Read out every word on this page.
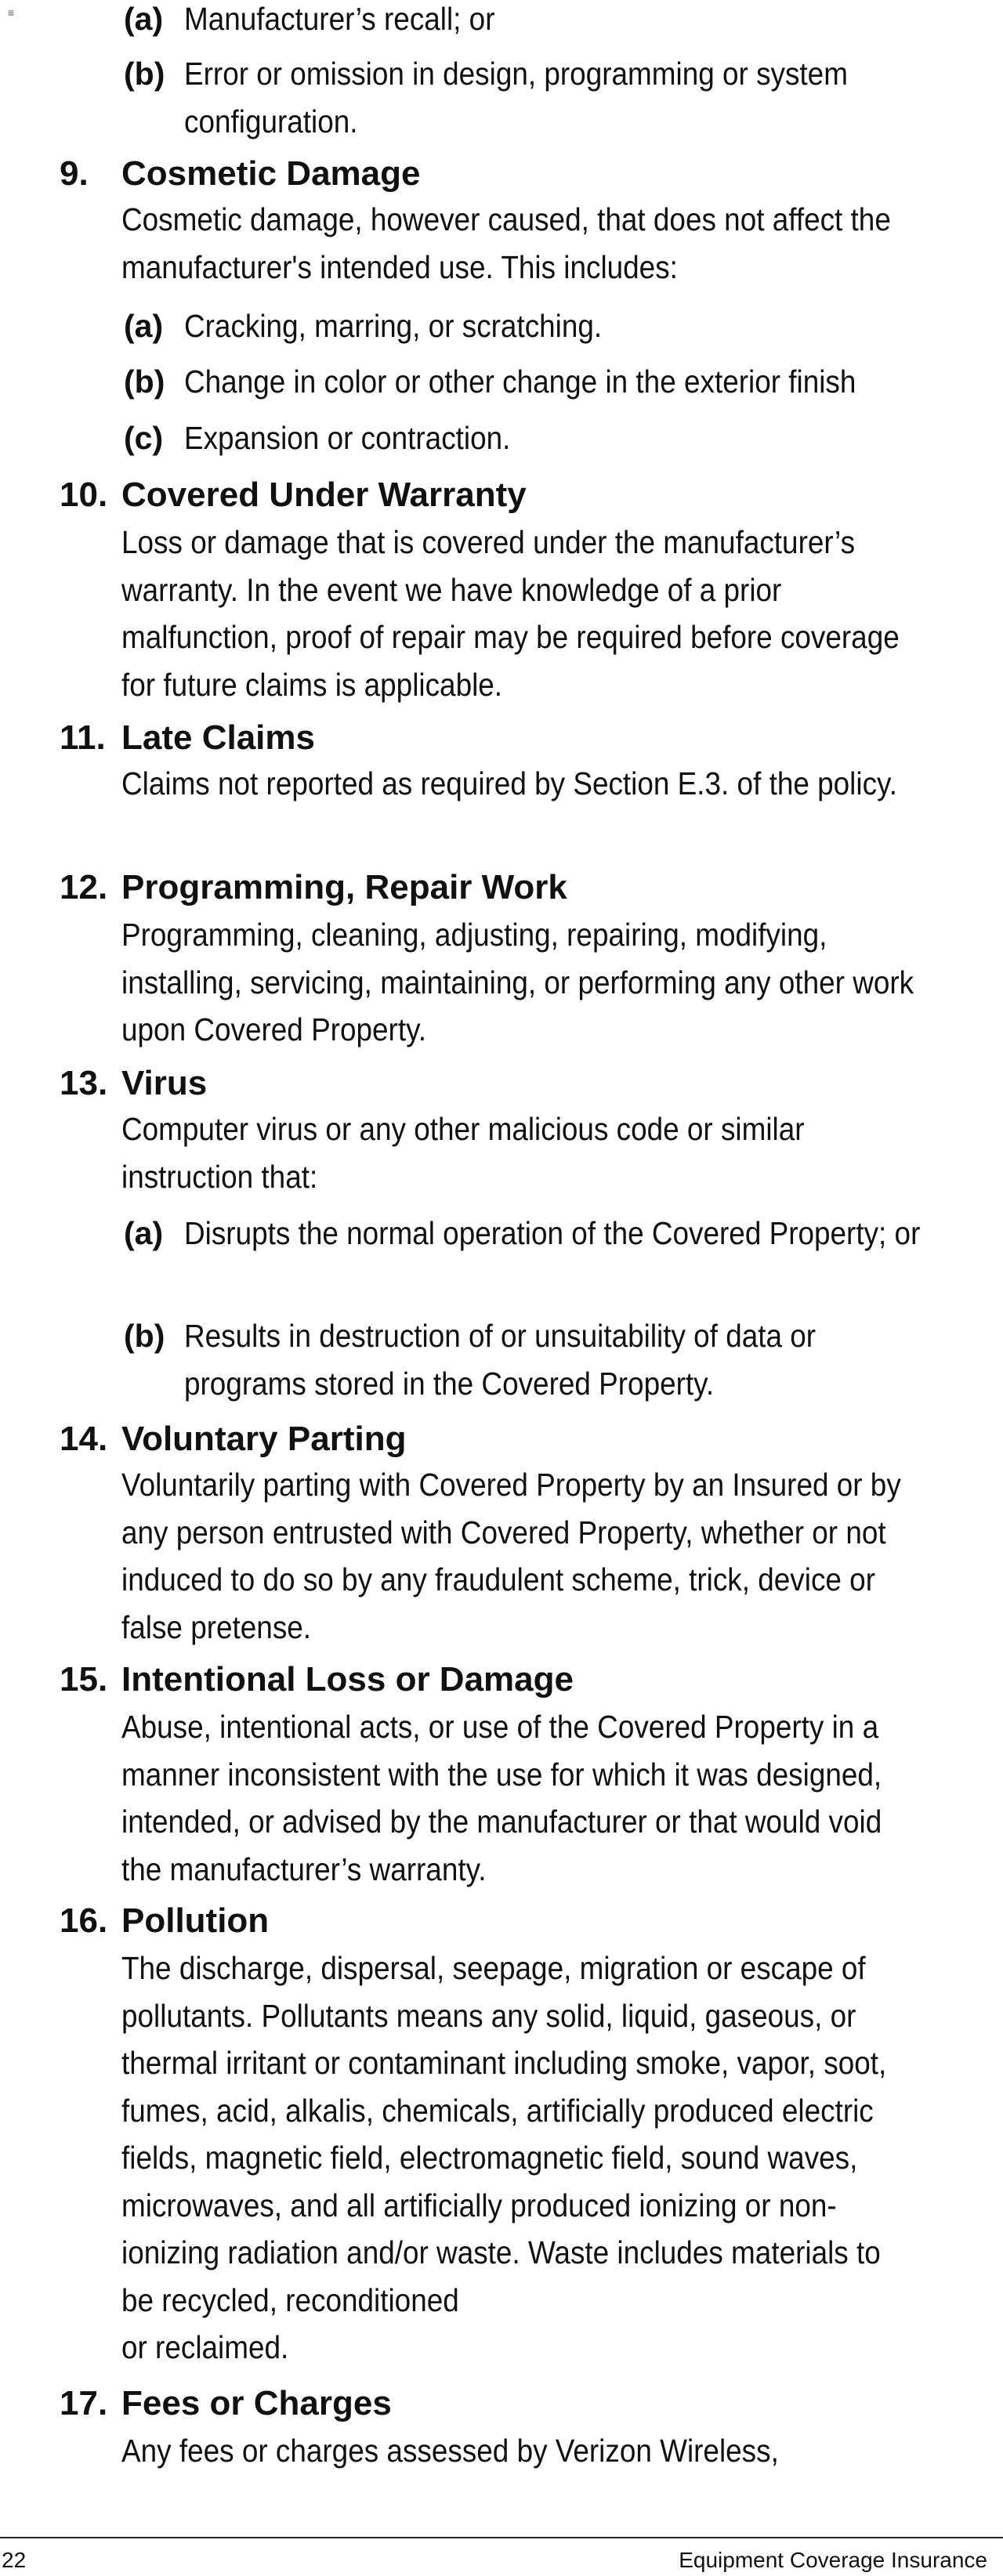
≡	(a) Manufacturer’s recall; or
(b) Error or omission in design, programming or system configuration.
9. Cosmetic Damage
Cosmetic damage, however caused, that does not affect the manufacturer's intended use. This includes:
(a) Cracking, marring, or scratching.
(b) Change in color or other change in the exterior finish
(c) Expansion or contraction.
10. Covered Under Warranty
Loss or damage that is covered under the manufacturer’s warranty. In the event we have knowledge of a prior malfunction, proof of repair may be required before coverage for future claims is applicable.
11. Late Claims
Claims not reported as required by Section E.3. of the policy.
12. Programming, Repair Work
Programming, cleaning, adjusting, repairing, modifying, installing, servicing, maintaining, or performing any other work upon Covered Property.
13. Virus
Computer virus or any other malicious code or similar instruction that:
(a) Disrupts the normal operation of the Covered Property; or
(b) Results in destruction of or unsuitability of data or programs stored in the Covered Property.
14. Voluntary Parting
Voluntarily parting with Covered Property by an Insured or by any person entrusted with Covered Property, whether or not induced to do so by any fraudulent scheme, trick, device or false pretense.
15. Intentional Loss or Damage
Abuse, intentional acts, or use of the Covered Property in a manner inconsistent with the use for which it was designed, intended, or advised by the manufacturer or that would void the manufacturer’s warranty.
16. Pollution
The discharge, dispersal, seepage, migration or escape of pollutants. Pollutants means any solid, liquid, gaseous, or thermal irritant or contaminant including smoke, vapor, soot, fumes, acid, alkalis, chemicals, artificially produced electric fields, magnetic field, electromagnetic field, sound waves, microwaves, and all artificially produced ionizing or non-ionizing radiation and/or waste. Waste includes materials to be recycled, reconditioned
or reclaimed.
17. Fees or Charges
Any fees or charges assessed by Verizon Wireless,
22	Equipment Coverage Insurance
